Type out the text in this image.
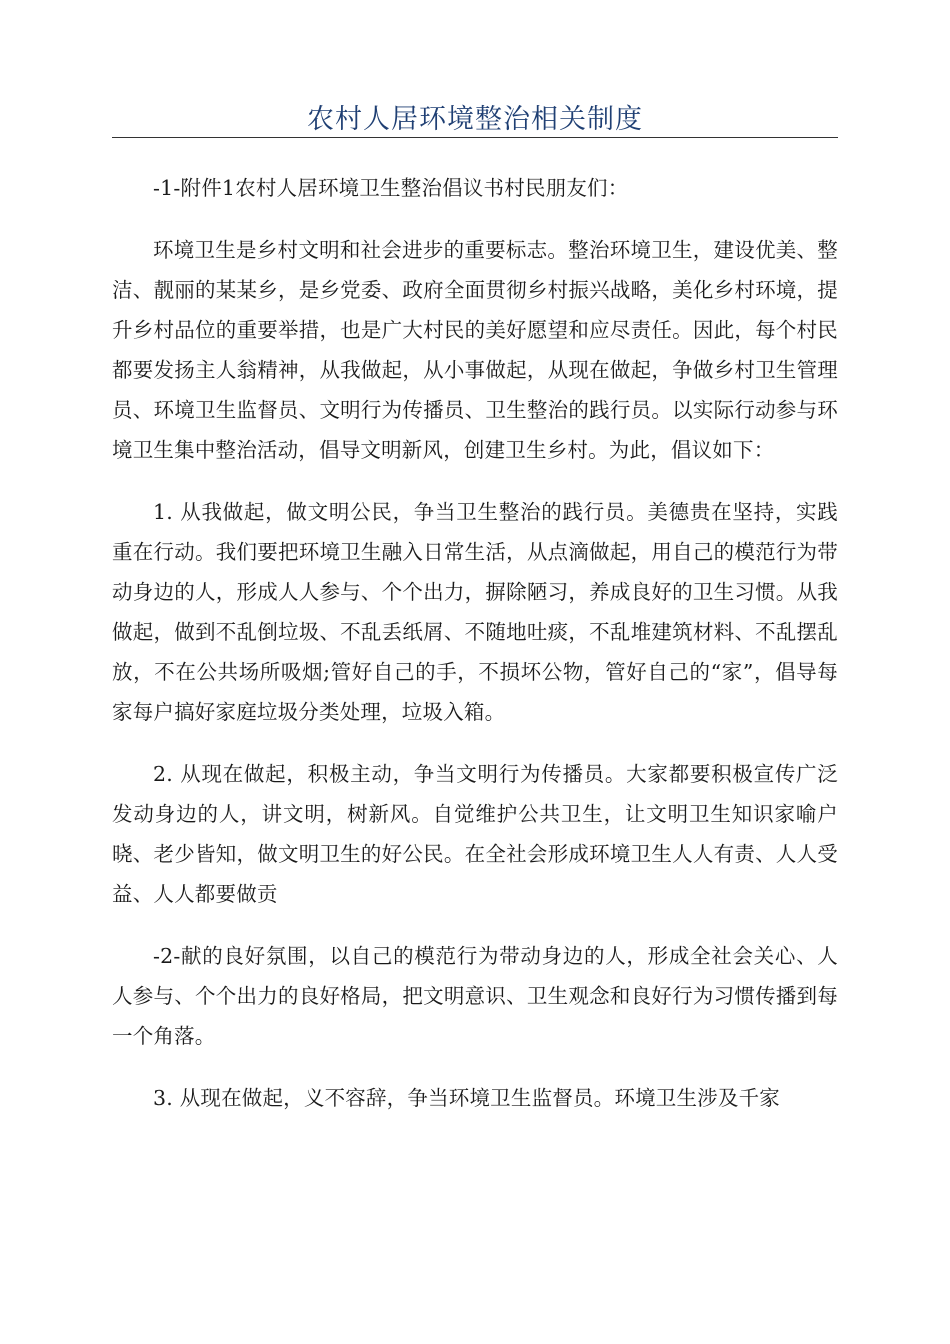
农村人居环境整治相关制度

-1-附件1农村人居环境卫生整治倡议书村民朋友们：

环境卫生是乡村文明和社会进步的重要标志。整治环境卫生，建设优美、整洁、靓丽的某某乡，是乡党委、政府全面贯彻乡村振兴战略，美化乡村环境，提升乡村品位的重要举措，也是广大村民的美好愿望和应尽责任。因此，每个村民都要发扬主人翁精神，从我做起，从小事做起，从现在做起，争做乡村卫生管理员、环境卫生监督员、文明行为传播员、卫生整治的践行员。以实际行动参与环境卫生集中整治活动，倡导文明新风，创建卫生乡村。为此，倡议如下：

1. 从我做起，做文明公民，争当卫生整治的践行员。美德贵在坚持，实践重在行动。我们要把环境卫生融入日常生活，从点滴做起，用自己的模范行为带动身边的人，形成人人参与、个个出力，摒除陋习，养成良好的卫生习惯。从我做起，做到不乱倒垃圾、不乱丢纸屑、不随地吐痰，不乱堆建筑材料、不乱摆乱放，不在公共场所吸烟;管好自己的手，不损坏公物，管好自己的“家”，倡导每家每户搞好家庭垃圾分类处理，垃圾入箱。

2. 从现在做起，积极主动，争当文明行为传播员。大家都要积极宣传广泛发动身边的人，讲文明，树新风。自觉维护公共卫生，让文明卫生知识家喻户晓、老少皆知，做文明卫生的好公民。在全社会形成环境卫生人人有责、人人受益、人人都要做贡

-2-献的良好氛围，以自己的模范行为带动身边的人，形成全社会关心、人人参与、个个出力的良好格局，把文明意识、卫生观念和良好行为习惯传播到每一个角落。

3. 从现在做起，义不容辞，争当环境卫生监督员。环境卫生涉及千家
